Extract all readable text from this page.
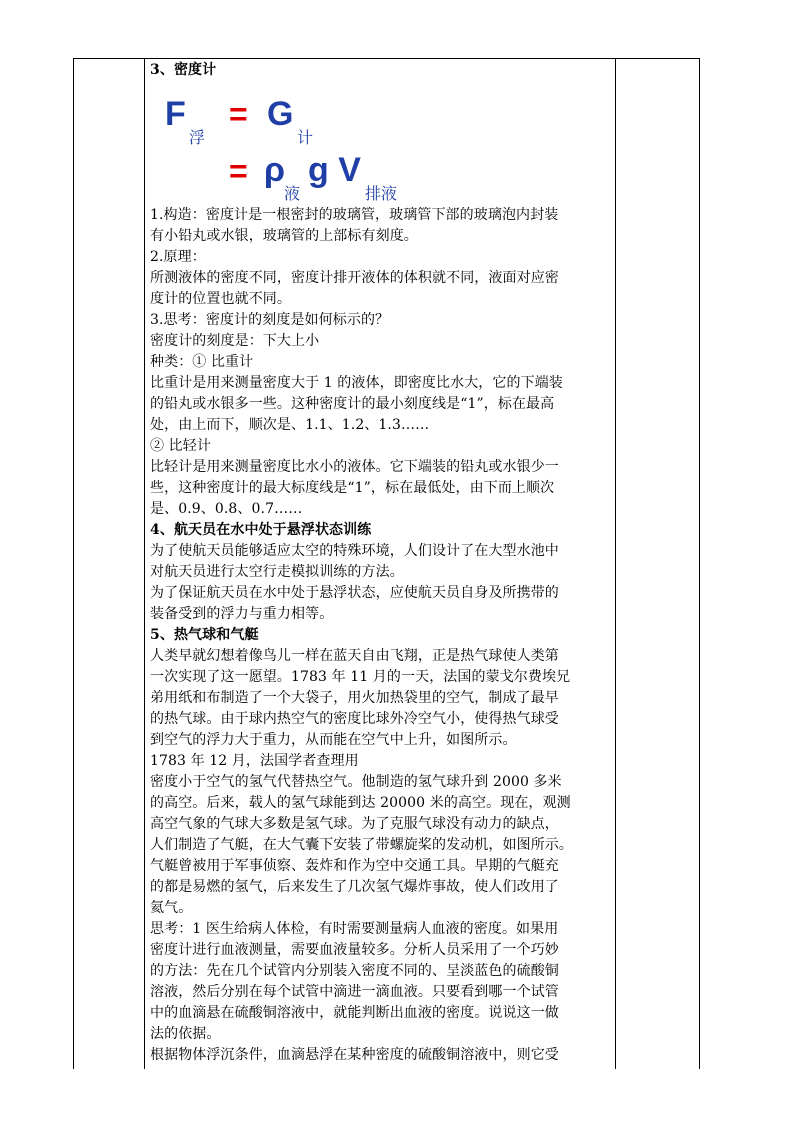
3、密度计
F
浮
= G
计
= ρ
液
g V
排液
1.构造：密度计是一根密封的玻璃管，玻璃管下部的玻璃泡内封装
有小铅丸或水银，玻璃管的上部标有刻度。
2.原理：
所测液体的密度不同，密度计排开液体的体积就不同，液面对应密
度计的位置也就不同。
3.思考：密度计的刻度是如何标示的？
密度计的刻度是：下大上小
种类：① 比重计
比重计是用来测量密度大于 1 的液体，即密度比水大，它的下端装
的铅丸或水银多一些。这种密度计的最小刻度线是“1”，标在最高
处，由上而下，顺次是、1.1、1.2、1.3……
② 比轻计
比轻计是用来测量密度比水小的液体。它下端装的铅丸或水银少一
些，这种密度计的最大标度线是“1”，标在最低处，由下而上顺次
是、0.9、0.8、0.7……
4、航天员在水中处于悬浮状态训练
为了使航天员能够适应太空的特殊环境，人们设计了在大型水池中
对航天员进行太空行走模拟训练的方法。
为了保证航天员在水中处于悬浮状态，应使航天员自身及所携带的
装备受到的浮力与重力相等。
5、热气球和气艇
人类早就幻想着像鸟儿一样在蓝天自由飞翔，正是热气球使人类第
一次实现了这一愿望。1783 年 11 月的一天，法国的蒙戈尔费埃兄
弟用纸和布制造了一个大袋子，用火加热袋里的空气，制成了最早
的热气球。由于球内热空气的密度比球外冷空气小，使得热气球受
到空气的浮力大于重力，从而能在空气中上升，如图所示。
1783 年 12 月，法国学者查理用
密度小于空气的氢气代替热空气。他制造的氢气球升到 2000 多米
的高空。后来，载人的氢气球能到达 20000 米的高空。现在，观测
高空气象的气球大多数是氢气球。为了克服气球没有动力的缺点，
人们制造了气艇，在大气囊下安装了带螺旋桨的发动机，如图所示。
气艇曾被用于军事侦察、轰炸和作为空中交通工具。早期的气艇充
的都是易燃的氢气，后来发生了几次氢气爆炸事故，使人们改用了
氦气。
思考：1 医生给病人体检，有时需要测量病人血液的密度。如果用
密度计进行血液测量，需要血液量较多。分析人员采用了一个巧妙
的方法：先在几个试管内分别装入密度不同的、呈淡蓝色的硫酸铜
溶液，然后分别在每个试管中滴进一滴血液。只要看到哪一个试管
中的血滴悬在硫酸铜溶液中，就能判断出血液的密度。说说这一做
法的依据。
根据物体浮沉条件，血滴悬浮在某种密度的硫酸铜溶液中，则它受
